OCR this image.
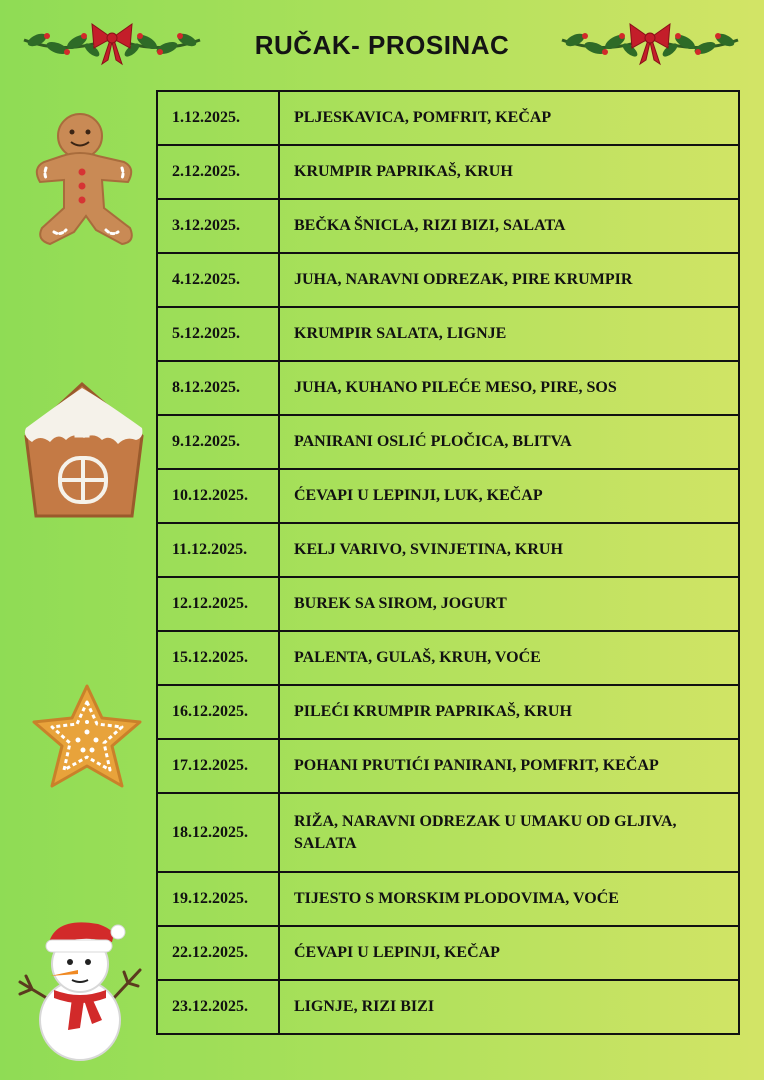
RUČAK- PROSINAC
1.12.2025.	PLJESKAVICA, POMFRIT, KEČAP
2.12.2025.	KRUMPIR PAPRIKAŠ, KRUH
3.12.2025.	BEČKA ŠNICLA, RIZI BIZI, SALATA
4.12.2025.	JUHA, NARAVNI ODREZAK, PIRE KRUMPIR
5.12.2025.	KRUMPIR SALATA, LIGNJE
8.12.2025.	JUHA, KUHANO PILEĆE MESO, PIRE, SOS
9.12.2025.	PANIRANI OSLIĆ PLOČICA, BLITVA
10.12.2025.	ĆEVAPI U LEPINJI, LUK, KEČAP
11.12.2025.	KELJ VARIVO, SVINJETINA, KRUH
12.12.2025.	BUREK SA SIROM, JOGURT
15.12.2025.	PALENTA, GULAŠ, KRUH, VOĆE
16.12.2025.	PILEĆI KRUMPIR PAPRIKAŠ, KRUH
17.12.2025.	POHANI PRUTIĆI PANIRANI, POMFRIT, KEČAP
18.12.2025.	RIŽA, NARAVNI ODREZAK U UMAKU OD GLJIVA, SALATA
19.12.2025.	TIJESTO S MORSKIM PLODOVIMA, VOĆE
22.12.2025.	ĆEVAPI U LEPINJI, KEČAP
23.12.2025.	LIGNJE, RIZI BIZI
